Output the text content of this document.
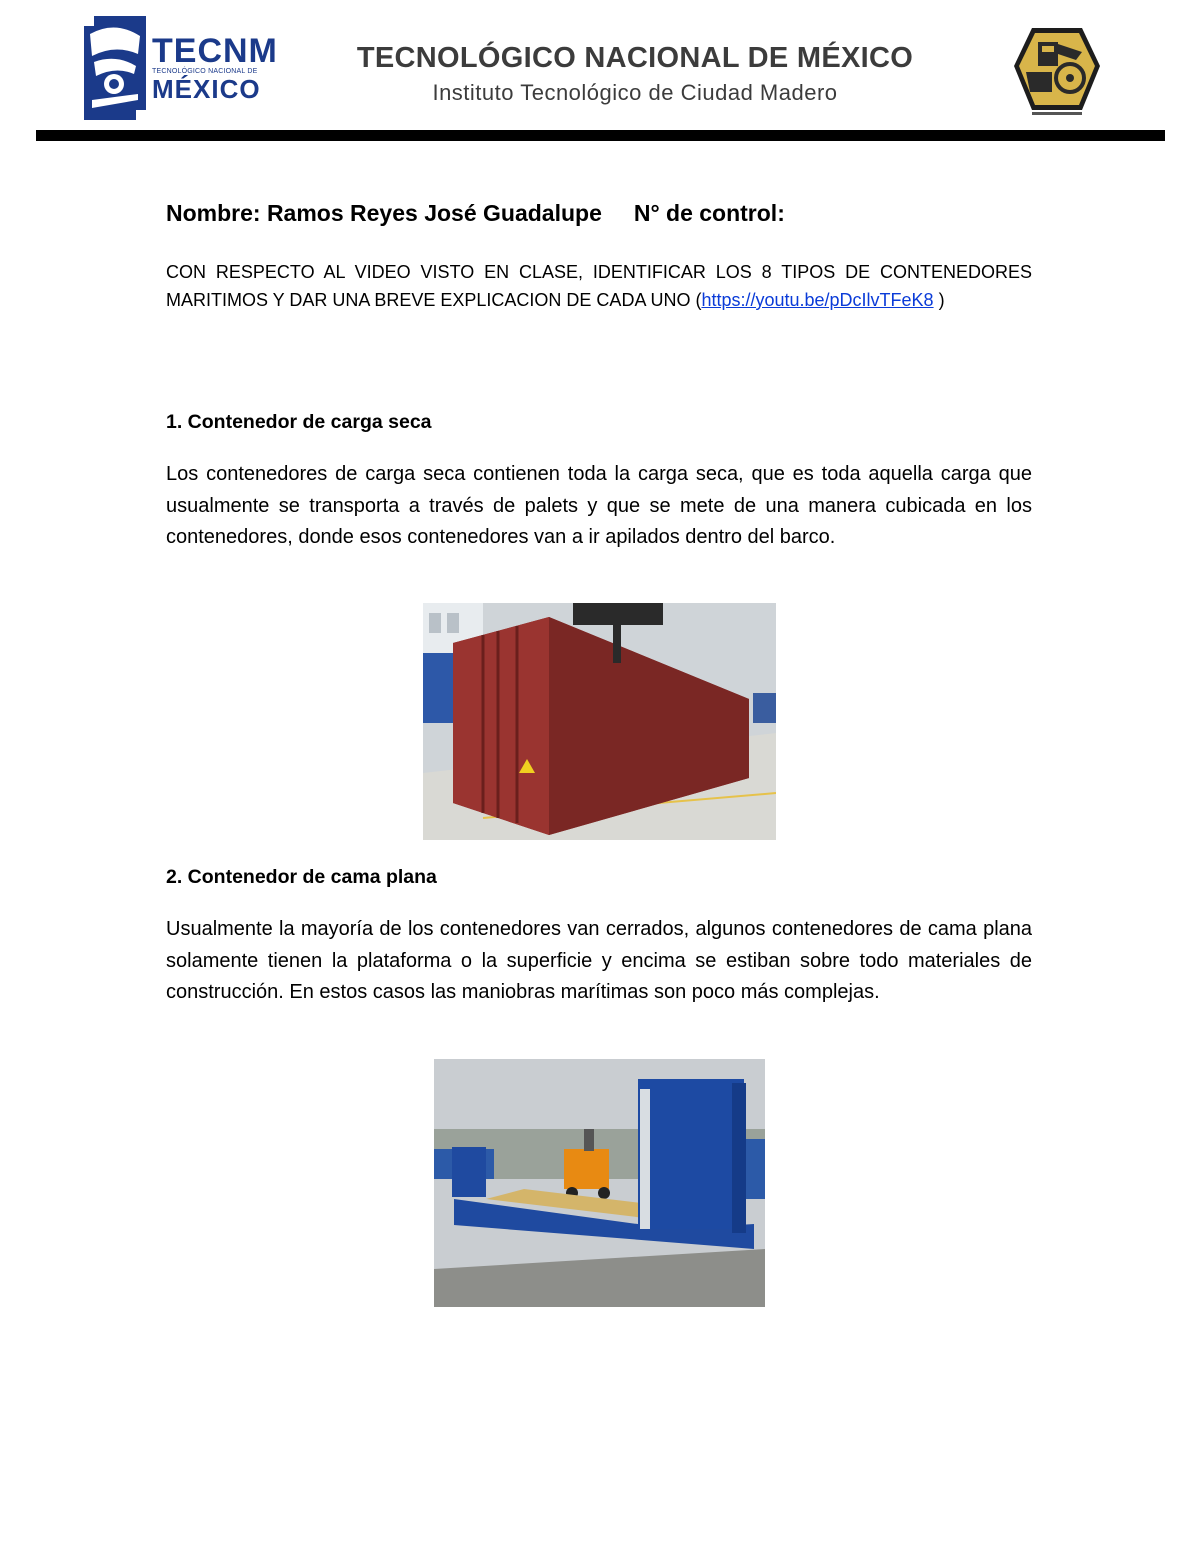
TECNM
TECNOLÓGICO NACIONAL DE
MÉXICO
TECNOLÓGICO NACIONAL DE MÉXICO
Instituto Tecnológico de Ciudad Madero
Nombre: Ramos Reyes José Guadalupe N° de control:
CON RESPECTO AL VIDEO VISTO EN CLASE, IDENTIFICAR LOS 8 TIPOS DE CONTENEDORES MARITIMOS Y DAR UNA BREVE EXPLICACION DE CADA UNO (https://youtu.be/pDcIlvTFeK8 )
1. Contenedor de carga seca
Los contenedores de carga seca contienen toda la carga seca, que es toda aquella carga que usualmente se transporta a través de palets y que se mete de una manera cubicada en los contenedores, donde esos contenedores van a ir apilados dentro del barco.
2. Contenedor de cama plana
Usualmente la mayoría de los contenedores van cerrados, algunos contenedores de cama plana solamente tienen la plataforma o la superficie y encima se estiban sobre todo materiales de construcción. En estos casos las maniobras marítimas son poco más complejas.
